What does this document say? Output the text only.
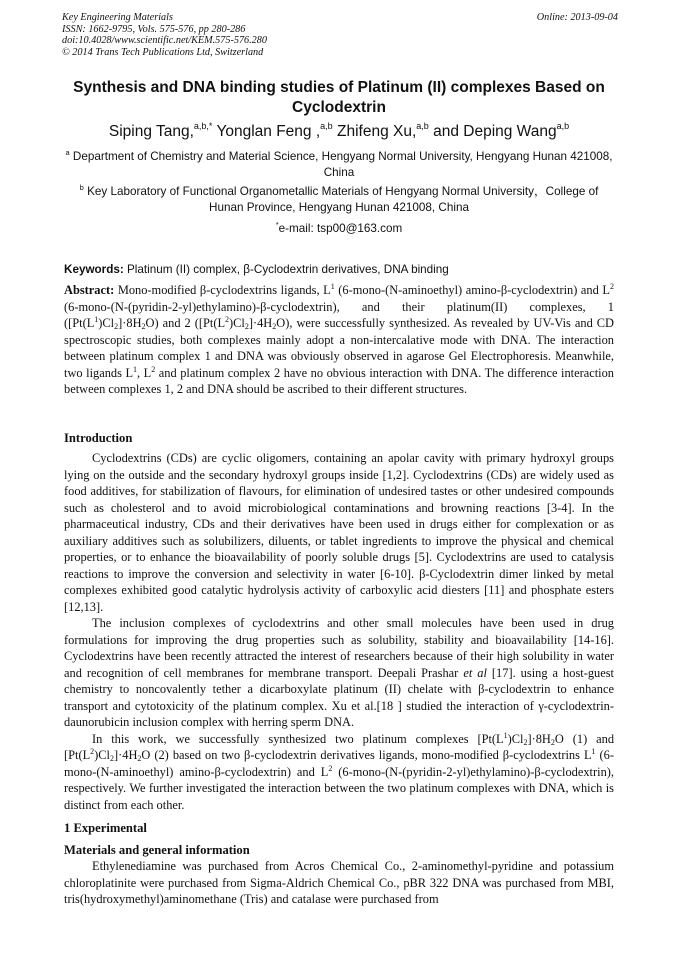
Key Engineering Materials
ISSN: 1662-9795, Vols. 575-576, pp 280-286
doi:10.4028/www.scientific.net/KEM.575-576.280
© 2014 Trans Tech Publications Ltd, Switzerland
Online: 2013-09-04
Synthesis and DNA binding studies of Platinum (II) complexes Based on Cyclodextrin
Siping Tang,$^{a,b,*}$ Yonglan Feng ,$^{a,b}$ Zhifeng Xu,$^{a,b}$ and Deping Wang$^{a,b}$
$^a$ Department of Chemistry and Material Science, Hengyang Normal University, Hengyang Hunan 421008, China
$^b$ Key Laboratory of Functional Organometallic Materials of Hengyang Normal University，College of Hunan Province, Hengyang Hunan 421008, China
*e-mail: tsp00@163.com
Keywords: Platinum (II) complex, β-Cyclodextrin derivatives, DNA binding
Abstract: Mono-modified β-cyclodextrins ligands, $L^1$ (6-mono-(N-aminoethyl) amino-β-cyclodextrin) and $L^2$ (6-mono-(N-(pyridin-2-yl)ethylamino)-β-cyclodextrin), and their platinum(II) complexes, 1 $([Pt(L^1)Cl_2]\cdot 8H_2O)$ and 2 $([Pt(L^2)Cl_2]\cdot 4H_2O)$, were successfully synthesized. As revealed by UV-Vis and CD spectroscopic studies, both complexes mainly adopt a non-intercalative mode with DNA. The interaction between platinum complex 1 and DNA was obviously observed in agarose Gel Electrophoresis. Meanwhile, two ligands $L^1$, $L^2$ and platinum complex 2 have no obvious interaction with DNA. The difference interaction between complexes 1, 2 and DNA should be ascribed to their different structures.
Introduction

Cyclodextrins (CDs) are cyclic oligomers, containing an apolar cavity with primary hydroxyl groups lying on the outside and the secondary hydroxyl groups inside [1,2]. Cyclodextrins (CDs) are widely used as food additives, for stabilization of flavours, for elimination of undesired tastes or other undesired compounds such as cholesterol and to avoid microbiological contaminations and browning reactions [3-4]. In the pharmaceutical industry, CDs and their derivatives have been used in drugs either for complexation or as auxiliary additives such as solubilizers, diluents, or tablet ingredients to improve the physical and chemical properties, or to enhance the bioavailability of poorly soluble drugs [5]. Cyclodextrins are used to catalysis reactions to improve the conversion and selectivity in water [6-10]. β-Cyclodextrin dimer linked by metal complexes exhibited good catalytic hydrolysis activity of carboxylic acid diesters [11] and phosphate esters [12,13].

The inclusion complexes of cyclodextrins and other small molecules have been used in drug formulations for improving the drug properties such as solubility, stability and bioavailability [14-16]. Cyclodextrins have been recently attracted the interest of researchers because of their high solubility in water and recognition of cell membranes for membrane transport. Deepali Prashar et al [17]. using a host-guest chemistry to noncovalently tether a dicarboxylate platinum (II) chelate with β-cyclodextrin to enhance transport and cytotoxicity of the platinum complex. Xu et al.[18 ] studied the interaction of γ-cyclodextrin-daunorubicin inclusion complex with herring sperm DNA.

In this work, we successfully synthesized two platinum complexes $[Pt(L^1)Cl_2]\cdot 8H_2O$ (1) and $[Pt(L^2)Cl_2]\cdot 4H_2O$ (2) based on two β-cyclodextrin derivatives ligands, mono-modified β-cyclodextrins $L^1$ (6-mono-(N-aminoethyl) amino-β-cyclodextrin) and $L^2$ (6-mono-(N-(pyridin-2-yl)ethylamino)-β-cyclodextrin), respectively. We further investigated the interaction between the two platinum complexes with DNA, which is distinct from each other.

1 Experimental
Materials and general information

Ethylenediamine was purchased from Acros Chemical Co., 2-aminomethyl-pyridine and potassium chloroplatinite were purchased from Sigma-Aldrich Chemical Co., pBR 322 DNA was purchased from MBI, tris(hydroxymethyl)aminomethane (Tris) and catalase were purchased from
